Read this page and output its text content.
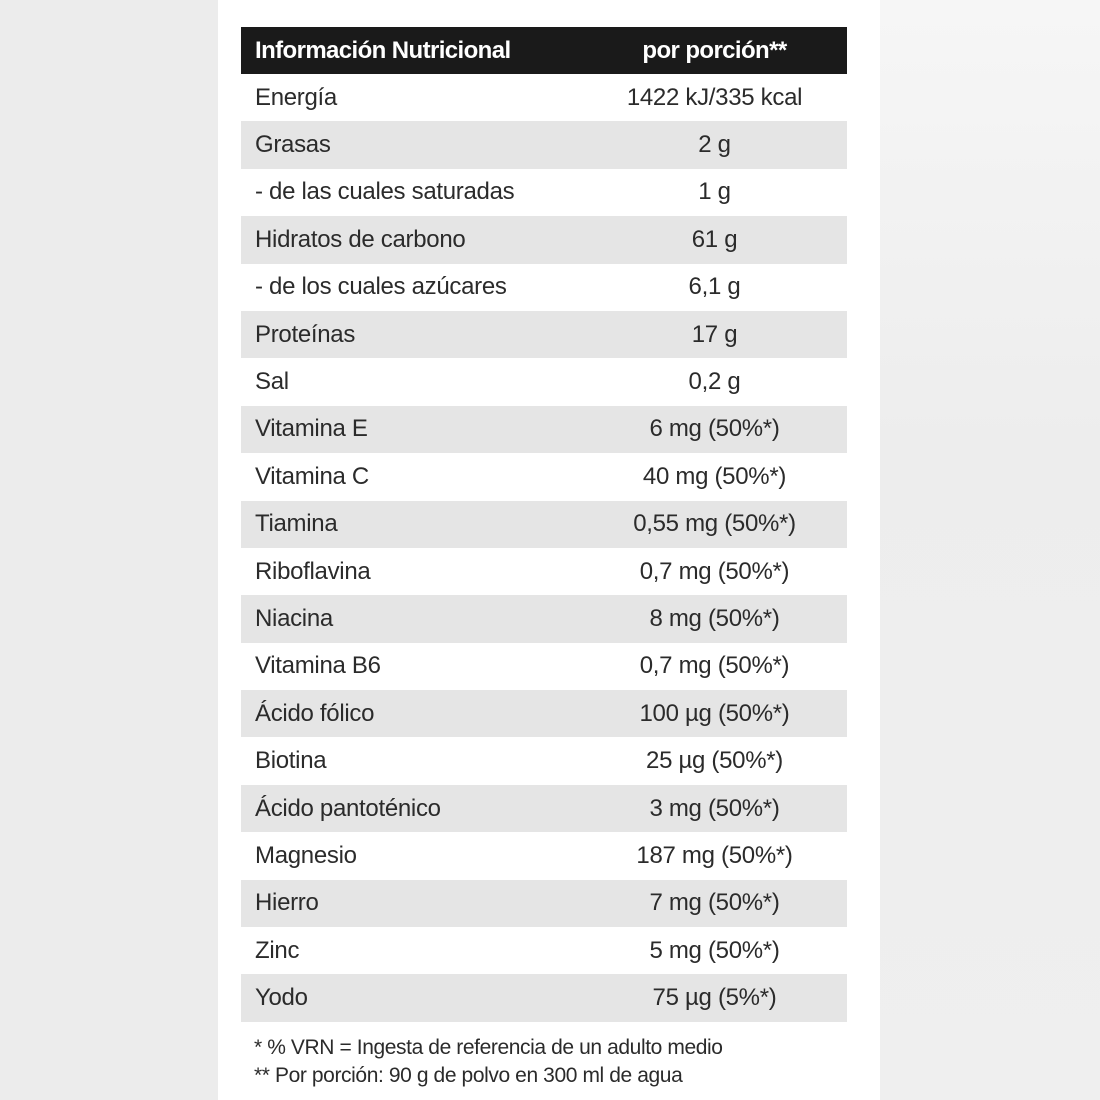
Información Nutricional	por porción**
Energía	1422 kJ/335 kcal
Grasas	2 g
- de las cuales saturadas	1 g
Hidratos de carbono	61 g
- de los cuales azúcares	6,1 g
Proteínas	17 g
Sal	0,2 g
Vitamina E	6 mg (50%*)
Vitamina C	40 mg (50%*)
Tiamina	0,55 mg (50%*)
Riboflavina	0,7 mg (50%*)
Niacina	8 mg (50%*)
Vitamina B6	0,7 mg (50%*)
Ácido fólico	100 µg (50%*)
Biotina	25 µg (50%*)
Ácido pantoténico	3 mg (50%*)
Magnesio	187 mg (50%*)
Hierro	7 mg (50%*)
Zinc	5 mg (50%*)
Yodo	75 µg (5%*)
* % VRN = Ingesta de referencia de un adulto medio
** Por porción: 90 g de polvo en 300 ml de agua
